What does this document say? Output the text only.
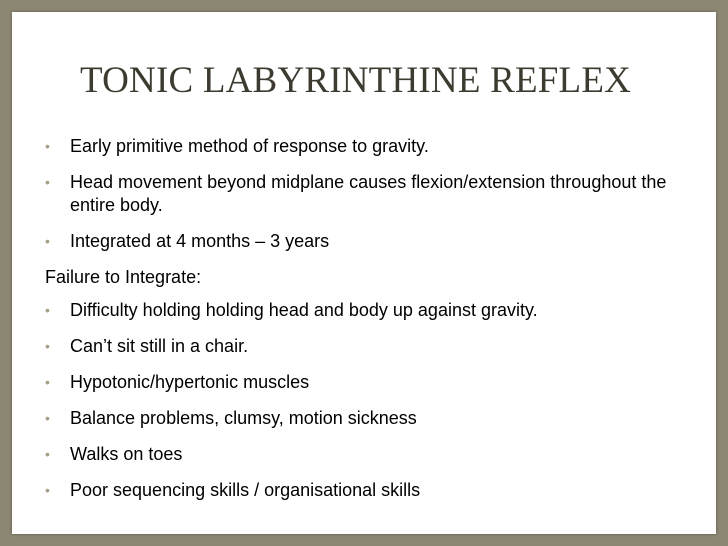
TONIC LABYRINTHINE REFLEX
• Early primitive method of response to gravity.
• Head movement beyond midplane causes flexion/extension throughout the entire body.
• Integrated at 4 months – 3 years
Failure to Integrate:
• Difficulty holding holding head and body up against gravity.
• Can’t sit still in a chair.
• Hypotonic/hypertonic muscles
• Balance problems, clumsy, motion sickness
• Walks on toes
• Poor sequencing skills / organisational skills
